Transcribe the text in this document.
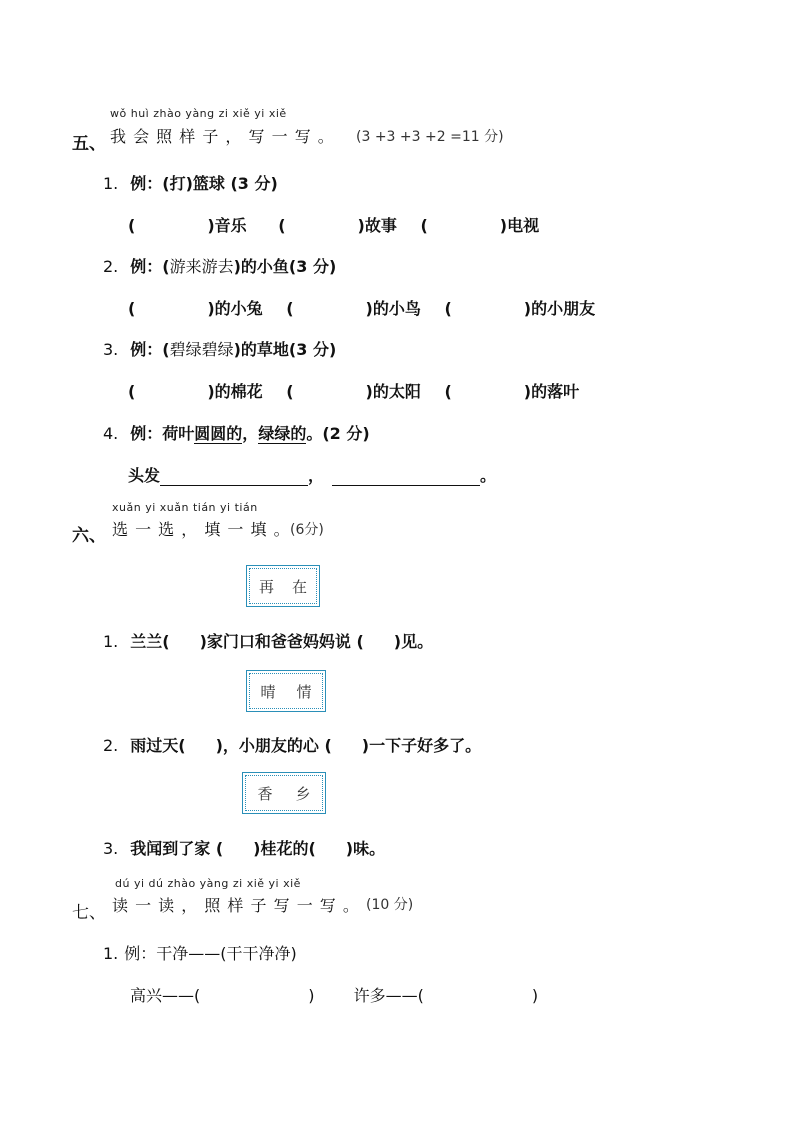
wǒ huì zhào yàng zi xiě yi xiě
五、 我 会 照 样 子 ， 写 一 写 。 (3 +3 +3 +2 =11 分)
1. 例：(打)篮球 (3 分)
(	)音乐 (	)故事 (	)电视
2. 例：(游来游去)的小鱼(3 分)
(	)的小兔 (	)的小鸟 (	)的小朋友
3. 例：(碧绿碧绿)的草地(3 分)
(	)的棉花 (	)的太阳 (	)的落叶
4. 例：荷叶圆圆的，绿绿的。(2 分)
头发	，	。
xuǎn yi xuǎn tián yi tián
六、 选 一 选 ， 填 一 填 。 (6分)
再 在
1. 兰兰( )家门口和爸爸妈妈说 ( )见。
晴 情
2. 雨过天( )，小朋友的心 ( )一下子好多了。
香 乡
3. 我闻到了家 ( )桂花的( )味。
dú yi dú zhào yàng zi xiě yi xiě
七、 读 一 读 ， 照 样 子 写 一 写 。 (10 分)
1. 例：干净——(干干净净)
高兴——(	) 许多——(	)
